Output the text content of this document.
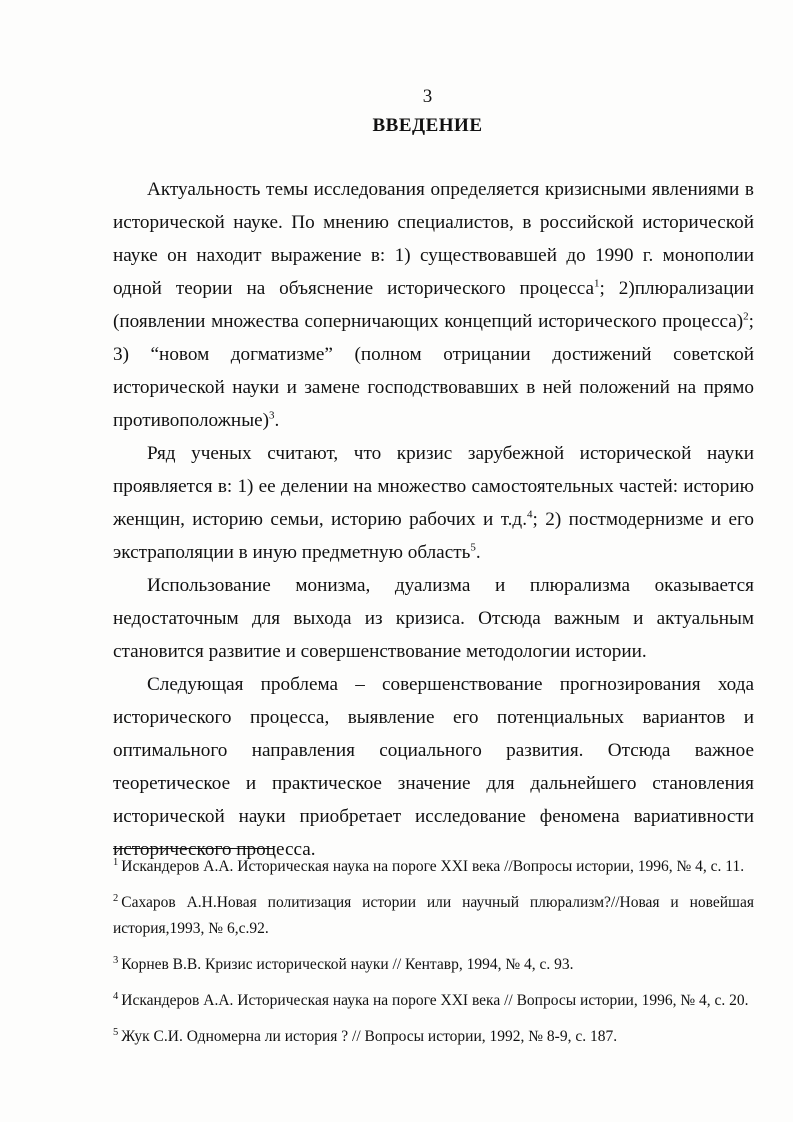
3
ВВЕДЕНИЕ

Актуальность темы исследования определяется кризисными явлениями в исторической науке. По мнению специалистов, в российской исторической науке он находит выражение в: 1) существовавшей до 1990 г. монополии одной теории на объяснение исторического процесса$^1$; 2)плюрализации (появлении множества соперничающих концепций исторического процесса)$^2$; 3) “новом догматизме” (полном отрицании достижений советской исторической науки и замене господствовавших в ней положений на прямо противоположные)$^3$.

Ряд ученых считают, что кризис зарубежной исторической науки проявляется в: 1) ее делении на множество самостоятельных частей: историю женщин, историю семьи, историю рабочих и т.д.$^4$; 2) постмодернизме и его экстраполяции в иную предметную область$^5$.

Использование монизма, дуализма и плюрализма оказывается недостаточным для выхода из кризиса. Отсюда важным и актуальным становится развитие и совершенствование методологии истории.

Следующая проблема – совершенствование прогнозирования хода исторического процесса, выявление его потенциальных вариантов и оптимального направления социального развития. Отсюда важное теоретическое и практическое значение для дальнейшего становления исторической науки приобретает исследование феномена вариативности исторического процесса.

$^1$ Искандеров А.А. Историческая наука на пороге XXI века //Вопросы истории, 1996, № 4, с. 11.

$^2$ Сахаров А.Н.Новая политизация истории или научный плюрализм?//Новая и новейшая история,1993, № 6,с.92.

$^3$ Корнев В.В. Кризис исторической науки // Кентавр, 1994, № 4, с. 93.

$^4$ Искандеров А.А. Историческая наука на пороге XXI века // Вопросы истории, 1996, № 4, с. 20.

$^5$ Жук С.И. Одномерна ли история ? // Вопросы истории, 1992, № 8-9, с. 187.
